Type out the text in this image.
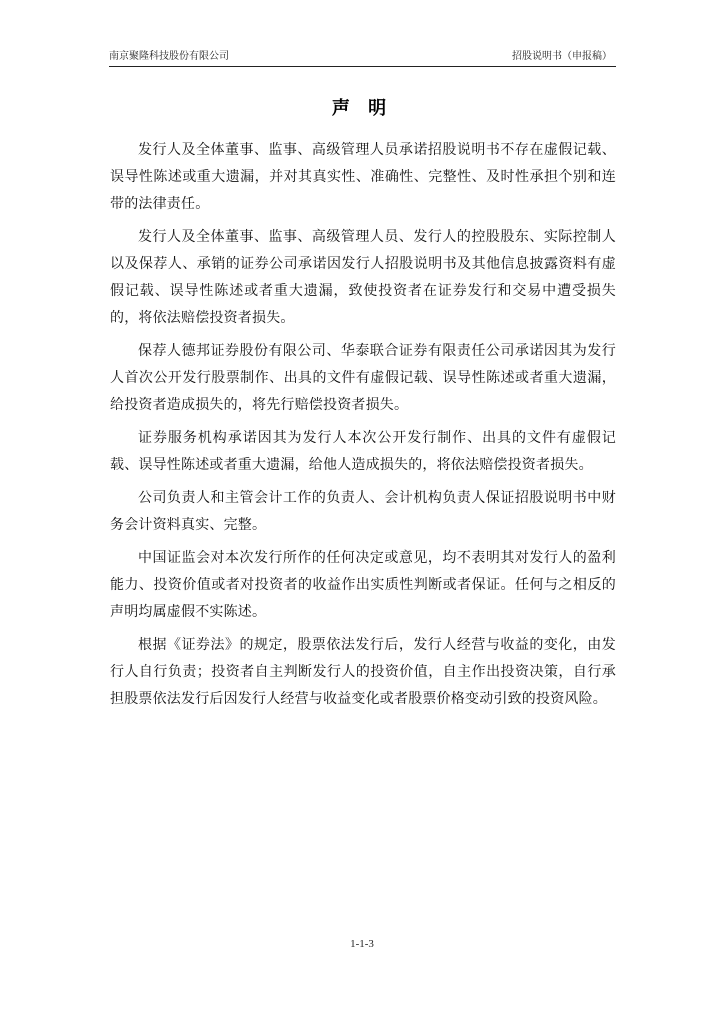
南京聚隆科技股份有限公司	招股说明书（申报稿）
声 明

发行人及全体董事、监事、高级管理人员承诺招股说明书不存在虚假记载、误导性陈述或重大遗漏，并对其真实性、准确性、完整性、及时性承担个别和连带的法律责任。

发行人及全体董事、监事、高级管理人员、发行人的控股股东、实际控制人以及保荐人、承销的证券公司承诺因发行人招股说明书及其他信息披露资料有虚假记载、误导性陈述或者重大遗漏，致使投资者在证券发行和交易中遭受损失的，将依法赔偿投资者损失。

保荐人德邦证券股份有限公司、华泰联合证券有限责任公司承诺因其为发行人首次公开发行股票制作、出具的文件有虚假记载、误导性陈述或者重大遗漏，给投资者造成损失的，将先行赔偿投资者损失。

证券服务机构承诺因其为发行人本次公开发行制作、出具的文件有虚假记载、误导性陈述或者重大遗漏，给他人造成损失的，将依法赔偿投资者损失。

公司负责人和主管会计工作的负责人、会计机构负责人保证招股说明书中财务会计资料真实、完整。

中国证监会对本次发行所作的任何决定或意见，均不表明其对发行人的盈利能力、投资价值或者对投资者的收益作出实质性判断或者保证。任何与之相反的声明均属虚假不实陈述。

根据《证券法》的规定，股票依法发行后，发行人经营与收益的变化，由发行人自行负责；投资者自主判断发行人的投资价值，自主作出投资决策，自行承担股票依法发行后因发行人经营与收益变化或者股票价格变动引致的投资风险。

1-1-3
